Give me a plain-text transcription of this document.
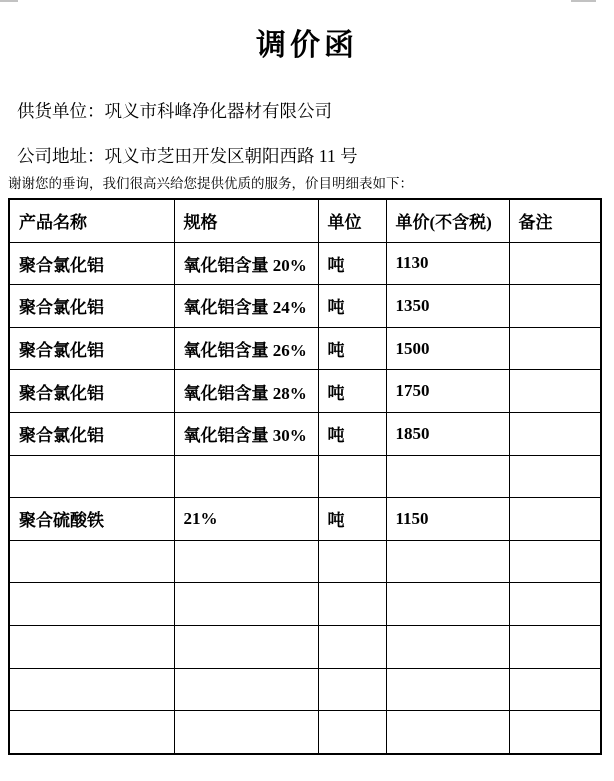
调价函
供货单位：巩义市科峰净化器材有限公司
公司地址：巩义市芝田开发区朝阳西路 11 号
谢谢您的垂询，我们很高兴给您提供优质的服务，价目明细表如下：
产品名称	规格	单位	单价(不含税)	备注
聚合氯化铝	氧化铝含量 20%	吨	1130	
聚合氯化铝	氧化铝含量 24%	吨	1350	
聚合氯化铝	氧化铝含量 26%	吨	1500	
聚合氯化铝	氧化铝含量 28%	吨	1750	
聚合氯化铝	氧化铝含量 30%	吨	1850	

聚合硫酸铁	21%	吨	1150	
